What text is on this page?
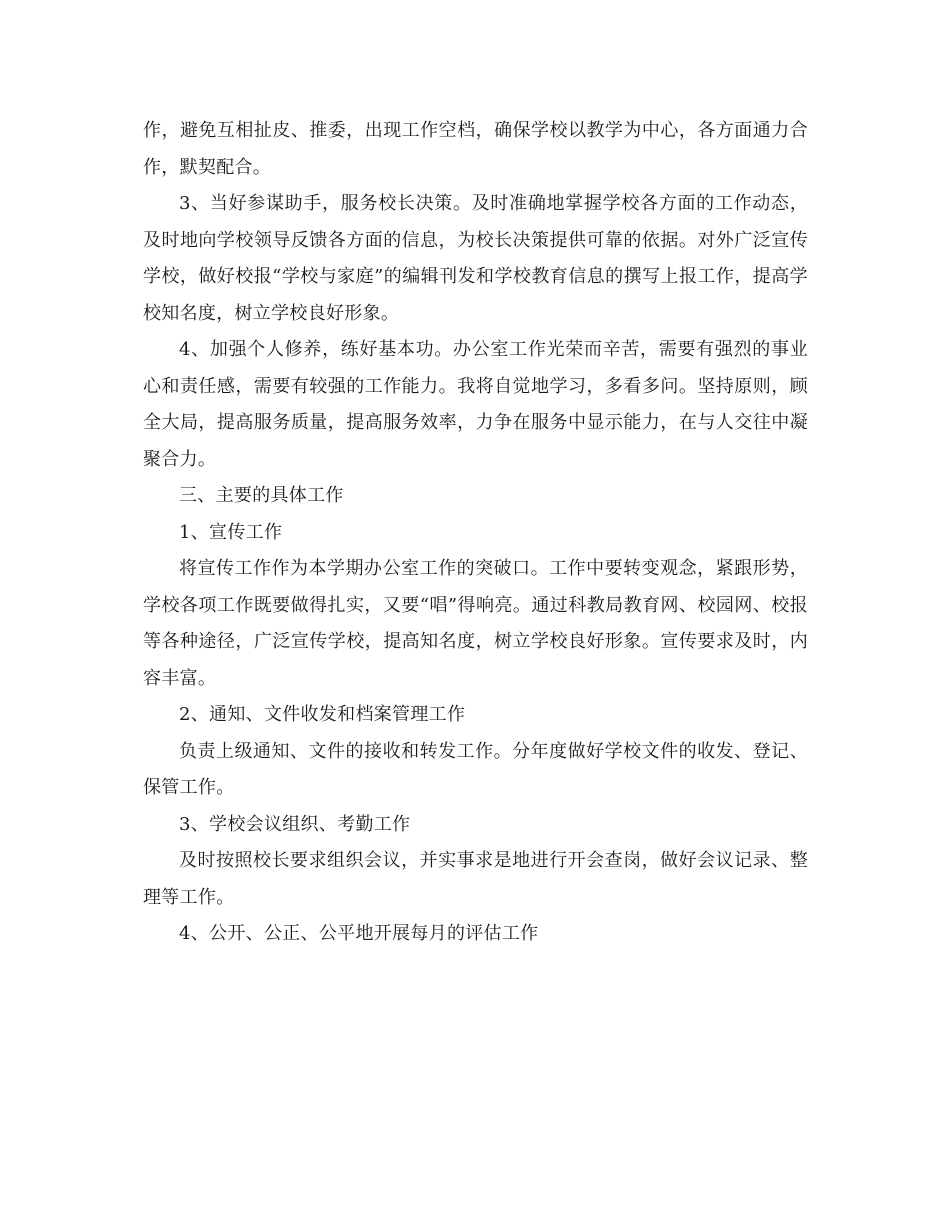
作，避免互相扯皮、推委，出现工作空档，确保学校以教学为中心，各方面通力合作，默契配合。

3、当好参谋助手，服务校长决策。及时准确地掌握学校各方面的工作动态，及时地向学校领导反馈各方面的信息，为校长决策提供可靠的依据。对外广泛宣传学校，做好校报“学校与家庭”的编辑刊发和学校教育信息的撰写上报工作，提高学校知名度，树立学校良好形象。

4、加强个人修养，练好基本功。办公室工作光荣而辛苦，需要有强烈的事业心和责任感，需要有较强的工作能力。我将自觉地学习，多看多问。坚持原则，顾全大局，提高服务质量，提高服务效率，力争在服务中显示能力，在与人交往中凝聚合力。

三、主要的具体工作

1、宣传工作

将宣传工作作为本学期办公室工作的突破口。工作中要转变观念，紧跟形势，学校各项工作既要做得扎实，又要“唱”得响亮。通过科教局教育网、校园网、校报等各种途径，广泛宣传学校，提高知名度，树立学校良好形象。宣传要求及时，内容丰富。

2、通知、文件收发和档案管理工作

负责上级通知、文件的接收和转发工作。分年度做好学校文件的收发、登记、保管工作。

3、学校会议组织、考勤工作

及时按照校长要求组织会议，并实事求是地进行开会查岗，做好会议记录、整理等工作。

4、公开、公正、公平地开展每月的评估工作
